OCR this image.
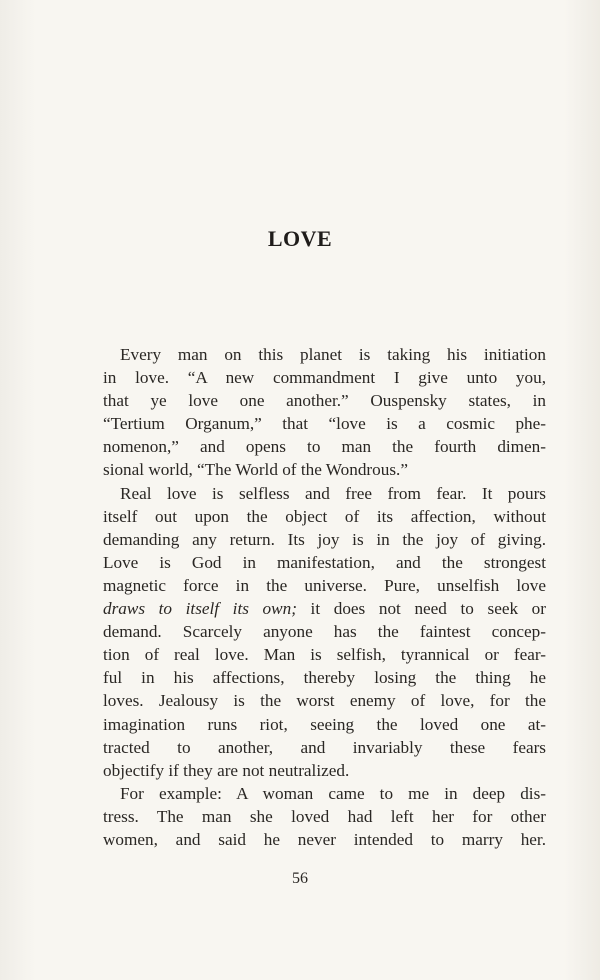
LOVE
Every man on this planet is taking his initiation
in love. “A new commandment I give unto you,
that ye love one another.” Ouspensky states, in
“Tertium Organum,” that “love is a cosmic phe-
nomenon,” and opens to man the fourth dimen-
sional world, “The World of the Wondrous.”
Real love is selfless and free from fear. It pours
itself out upon the object of its affection, without
demanding any return. Its joy is in the joy of giving.
Love is God in manifestation, and the strongest
magnetic force in the universe. Pure, unselfish love
draws to itself its own; it does not need to seek or
demand. Scarcely anyone has the faintest concep-
tion of real love. Man is selfish, tyrannical or fear-
ful in his affections, thereby losing the thing he
loves. Jealousy is the worst enemy of love, for the
imagination runs riot, seeing the loved one at-
tracted to another, and invariably these fears
objectify if they are not neutralized.
For example: A woman came to me in deep dis-
tress. The man she loved had left her for other
women, and said he never intended to marry her.
56
